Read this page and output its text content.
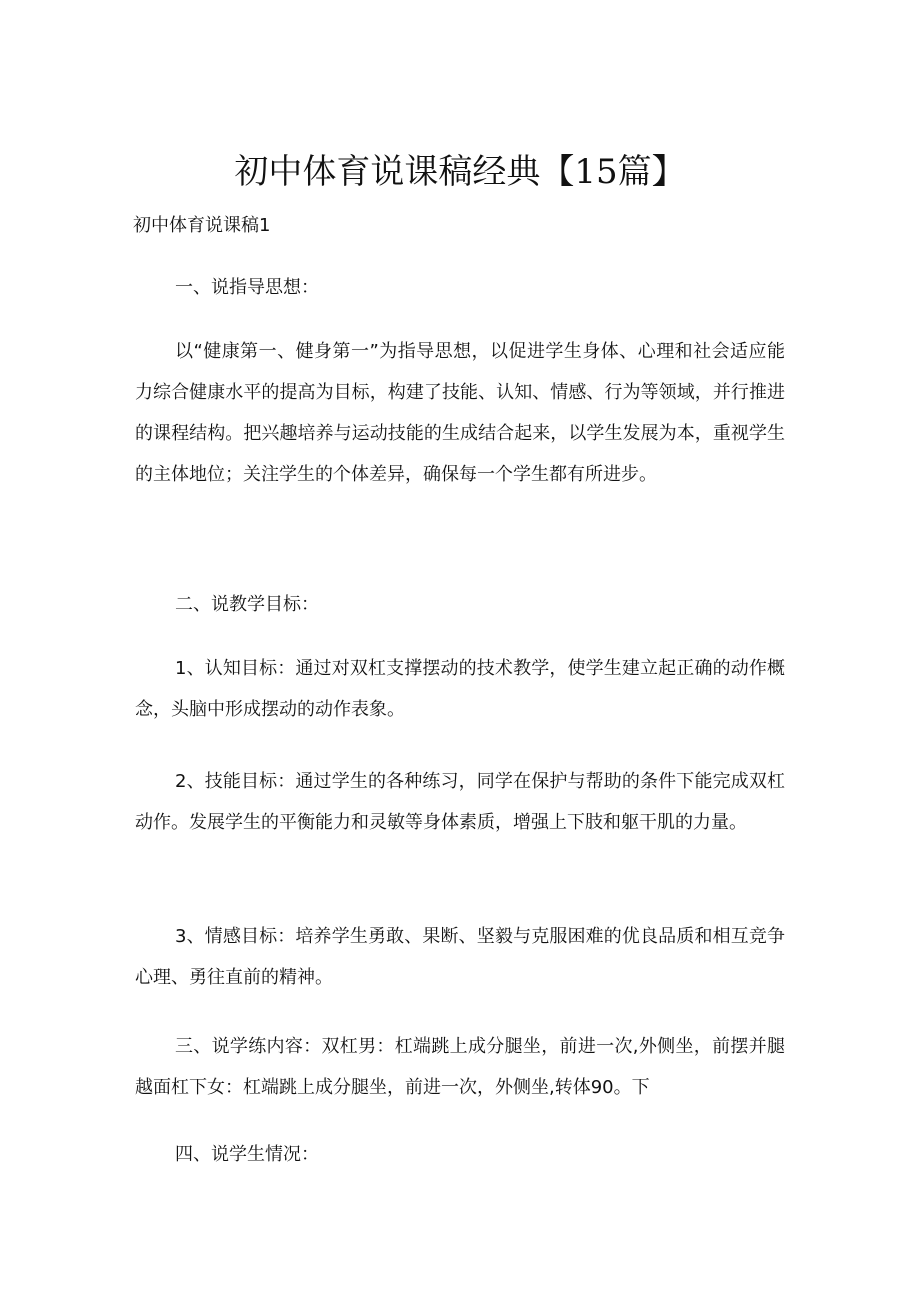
初中体育说课稿经典【15篇】
初中体育说课稿1
一、说指导思想：
以“健康第一、健身第一”为指导思想，以促进学生身体、心理和社会适应能力综合健康水平的提高为目标，构建了技能、认知、情感、行为等领域，并行推进的课程结构。把兴趣培养与运动技能的生成结合起来，以学生发展为本，重视学生的主体地位；关注学生的个体差异，确保每一个学生都有所进步。
二、说教学目标：
1、认知目标：通过对双杠支撑摆动的技术教学，使学生建立起正确的动作概念，头脑中形成摆动的动作表象。
2、技能目标：通过学生的各种练习，同学在保护与帮助的条件下能完成双杠动作。发展学生的平衡能力和灵敏等身体素质，增强上下肢和躯干肌的力量。
3、情感目标：培养学生勇敢、果断、坚毅与克服困难的优良品质和相互竞争心理、勇往直前的精神。
三、说学练内容：双杠男：杠端跳上成分腿坐，前进一次,外侧坐，前摆并腿越面杠下女：杠端跳上成分腿坐，前进一次，外侧坐,转体90。下
四、说学生情况：
